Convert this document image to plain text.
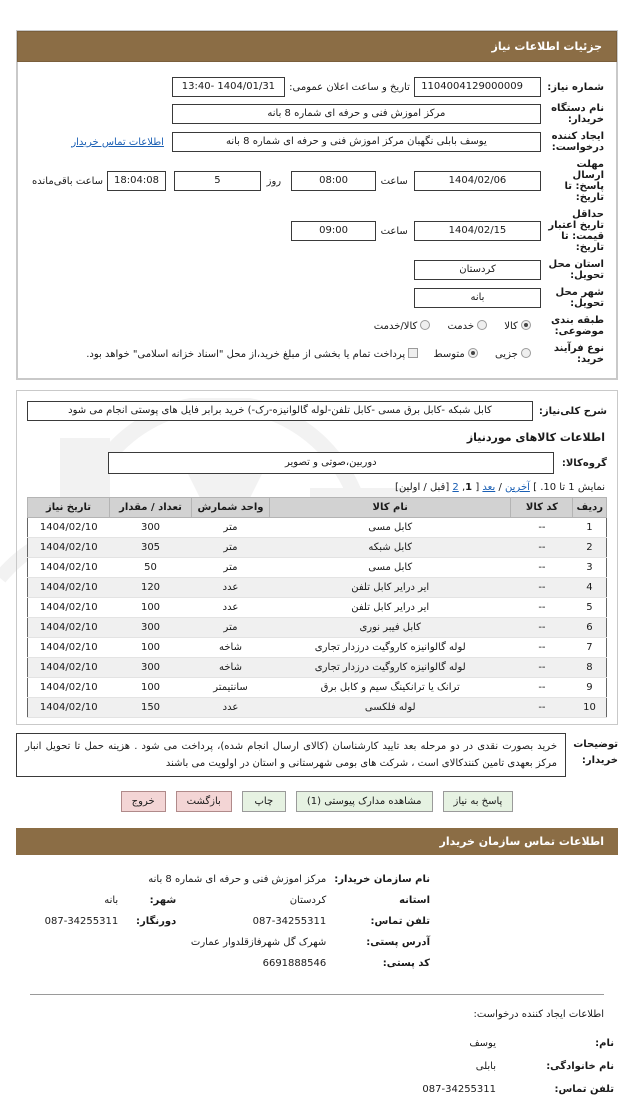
جزئیات اطلاعات نیاز
شماره نیاز:	
1104004129000009
	تاریخ و ساعت اعلان عمومی:	
1404/01/31 -13:40

نام دستگاه خریدار:	
مرکز اموزش فنی و حرفه ای شماره 8 بانه

ایجاد کننده درخواست:	
یوسف بابلی نگهبان مرکز اموزش فنی و حرفه ای شماره 8 بانه
	اطلاعات تماس خریدار
مهلت ارسال پاسخ: تا تاریخ:	
1404/02/06

ساعت	
08:00

روز	
5

18:04:08
	ساعت باقی‌مانده

حداقل تاریخ اعتبار قیمت: تا تاریخ:	
1404/02/15

ساعت	
09:00

استان محل تحویل:	
کردستان

شهر محل تحویل:	
بانه

طبقه بندی موضوعی:	کالا خدمت کالا/خدمت
نوع فرآیند خرید:	جزیی متوسط پرداخت تمام یا بخشی از مبلغ خرید،از محل "اسناد خزانه اسلامی" خواهد بود.
شرح کلی‌نیاز:
کابل شبکه -کابل برق مسی -کابل تلفن-لوله گالوانیزه-رک-) خرید برابر فایل های پوستی انجام می شود
اطلاعات کالاهای موردنیاز
گروه‌کالا:
دوربین،صوتی و تصویر
نمایش 1 تا 10. ] آخرین / بعد [ 1, 2 [قبل / اولین]
ردیف	کد کالا	نام کالا	واحد شمارش	تعداد / مقدار	تاریخ نیاز
1	--	کابل مسی	متر	300	1404/02/10
2	--	کابل شبکه	متر	305	1404/02/10
3	--	کابل مسی	متر	50	1404/02/10
4	--	ایر درایر کابل تلفن	عدد	120	1404/02/10
5	--	ایر درایر کابل تلفن	عدد	100	1404/02/10
6	--	کابل فیبر نوری	متر	300	1404/02/10
7	--	لوله گالوانیزه کاروگیت درزدار تجاری	شاخه	100	1404/02/10
8	--	لوله گالوانیزه کاروگیت درزدار تجاری	شاخه	300	1404/02/10
9	--	ترانک یا ترانکینگ سیم و کابل برق	سانتیمتر	100	1404/02/10
10	--	لوله فلکسی	عدد	150	1404/02/10
توضیحات خریدار:
خرید بصورت نقدی در دو مرحله بعد تایید کارشناسان (کالای ارسال انجام شده)، پرداخت می شود . هزینه حمل تا تحویل انبار مرکز بعهدی تامین کنندکالای است ، شرکت های بومی شهرستانی و استان در اولویت می باشند
پاسخ به نیاز
مشاهده مدارک پیوستی (1)
چاپ
بازگشت
خروج
اطلاعات تماس سازمان خریدار
	نام سازمان خریدار:	مرکز اموزش فنی و حرفه ای شماره 8 بانه		
	استانه	کردستان	شهر:	بانه
	تلفن تماس:	087-34255311	دورنگار:	087-34255311
	آدرس پستی:	شهرک گل شهرفازقلدوار عمارت		
	کد پستی:	6691888546		
اطلاعات ایجاد کننده درخواست:
نام:	یوسف
نام خانوادگی:	بابلی
تلفن تماس:	087-34255311
